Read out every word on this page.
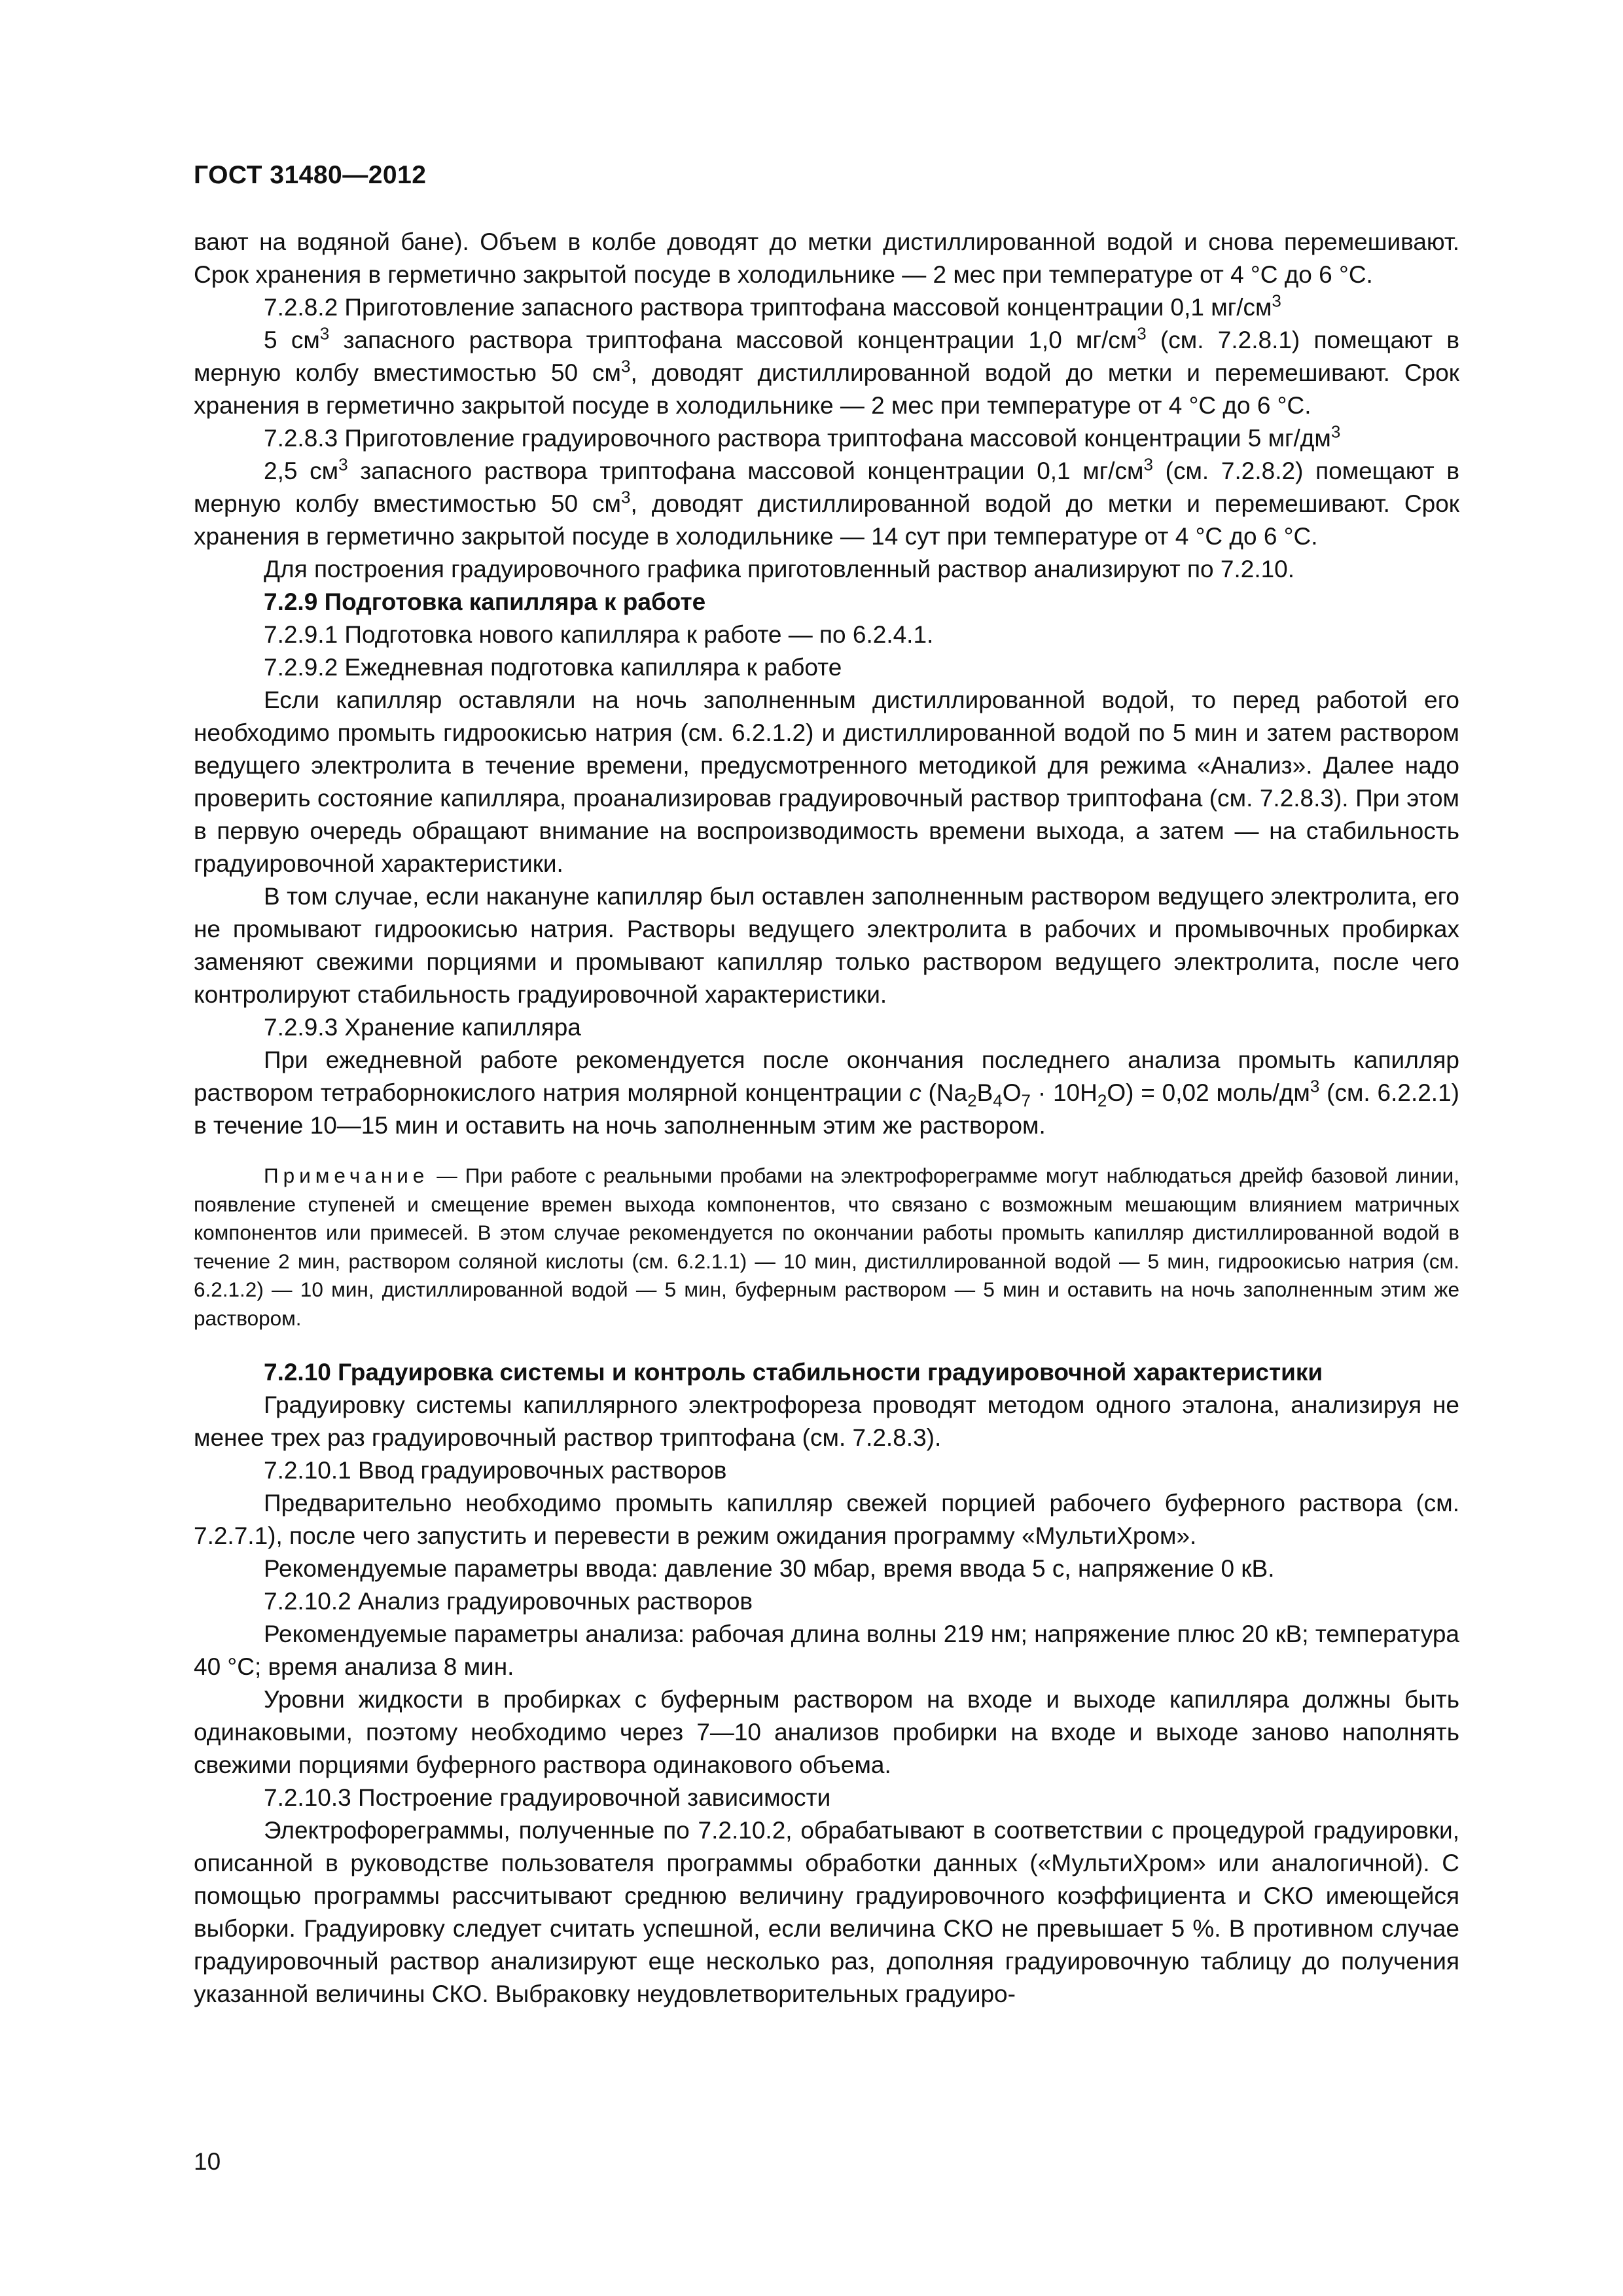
ГОСТ 31480—2012

вают на водяной бане). Объем в колбе доводят до метки дистиллированной водой и снова перемешивают. Срок хранения в герметично закрытой посуде в холодильнике — 2 мес при температуре от 4 °С до 6 °С.

7.2.8.2 Приготовление запасного раствора триптофана массовой концентрации 0,1 $мг/см^3$

5 $см^3$ запасного раствора триптофана массовой концентрации 1,0 $мг/см^3$ (см. 7.2.8.1) помещают в мерную колбу вместимостью 50 $см^3$, доводят дистиллированной водой до метки и перемешивают. Срок хранения в герметично закрытой посуде в холодильнике — 2 мес при температуре от 4 °С до 6 °С.

7.2.8.3 Приготовление градуировочного раствора триптофана массовой концентрации 5 $мг/дм^3$

2,5 $см^3$ запасного раствора триптофана массовой концентрации 0,1 $мг/см^3$ (см. 7.2.8.2) помещают в мерную колбу вместимостью 50 $см^3$, доводят дистиллированной водой до метки и перемешивают. Срок хранения в герметично закрытой посуде в холодильнике — 14 сут при температуре от 4 °С до 6 °С.

Для построения градуировочного графика приготовленный раствор анализируют по 7.2.10.

7.2.9 Подготовка капилляра к работе

7.2.9.1 Подготовка нового капилляра к работе — по 6.2.4.1.

7.2.9.2 Ежедневная подготовка капилляра к работе

Если капилляр оставляли на ночь заполненным дистиллированной водой, то перед работой его необходимо промыть гидроокисью натрия (см. 6.2.1.2) и дистиллированной водой по 5 мин и затем раствором ведущего электролита в течение времени, предусмотренного методикой для режима «Анализ». Далее надо проверить состояние капилляра, проанализировав градуировочный раствор триптофана (см. 7.2.8.3). При этом в первую очередь обращают внимание на воспроизводимость времени выхода, а затем — на стабильность градуировочной характеристики.

В том случае, если накануне капилляр был оставлен заполненным раствором ведущего электролита, его не промывают гидроокисью натрия. Растворы ведущего электролита в рабочих и промывочных пробирках заменяют свежими порциями и промывают капилляр только раствором ведущего электролита, после чего контролируют стабильность градуировочной характеристики.

7.2.9.3 Хранение капилляра

При ежедневной работе рекомендуется после окончания последнего анализа промыть капилляр раствором тетраборнокислого натрия молярной концентрации c $(Na_2B_4O_7 \cdot 10H_2O) = 0,02$ моль/$дм^3$ (см. 6.2.2.1) в течение 10—15 мин и оставить на ночь заполненным этим же раствором.

Примечание — При работе с реальными пробами на электрофореграмме могут наблюдаться дрейф базовой линии, появление ступеней и смещение времен выхода компонентов, что связано с возможным мешающим влиянием матричных компонентов или примесей. В этом случае рекомендуется по окончании работы промыть капилляр дистиллированной водой в течение 2 мин, раствором соляной кислоты (см. 6.2.1.1) — 10 мин, дистиллированной водой — 5 мин, гидроокисью натрия (см. 6.2.1.2) — 10 мин, дистиллированной водой — 5 мин, буферным раствором — 5 мин и оставить на ночь заполненным этим же раствором.

7.2.10 Градуировка системы и контроль стабильности градуировочной характеристики

Градуировку системы капиллярного электрофореза проводят методом одного эталона, анализируя не менее трех раз градуировочный раствор триптофана (см. 7.2.8.3).

7.2.10.1 Ввод градуировочных растворов

Предварительно необходимо промыть капилляр свежей порцией рабочего буферного раствора (см. 7.2.7.1), после чего запустить и перевести в режим ожидания программу «МультиХром».

Рекомендуемые параметры ввода: давление 30 мбар, время ввода 5 с, напряжение 0 кВ.

7.2.10.2 Анализ градуировочных растворов

Рекомендуемые параметры анализа: рабочая длина волны 219 нм; напряжение плюс 20 кВ; температура 40 °С; время анализа 8 мин.

Уровни жидкости в пробирках с буферным раствором на входе и выходе капилляра должны быть одинаковыми, поэтому необходимо через 7—10 анализов пробирки на входе и выходе заново наполнять свежими порциями буферного раствора одинакового объема.

7.2.10.3 Построение градуировочной зависимости

Электрофореграммы, полученные по 7.2.10.2, обрабатывают в соответствии с процедурой градуировки, описанной в руководстве пользователя программы обработки данных («МультиХром» или аналогичной). С помощью программы рассчитывают среднюю величину градуировочного коэффициента и СКО имеющейся выборки. Градуировку следует считать успешной, если величина СКО не превышает 5 %. В противном случае градуировочный раствор анализируют еще несколько раз, дополняя градуировочную таблицу до получения указанной величины СКО. Выбраковку неудовлетворительных градуиро-

10
